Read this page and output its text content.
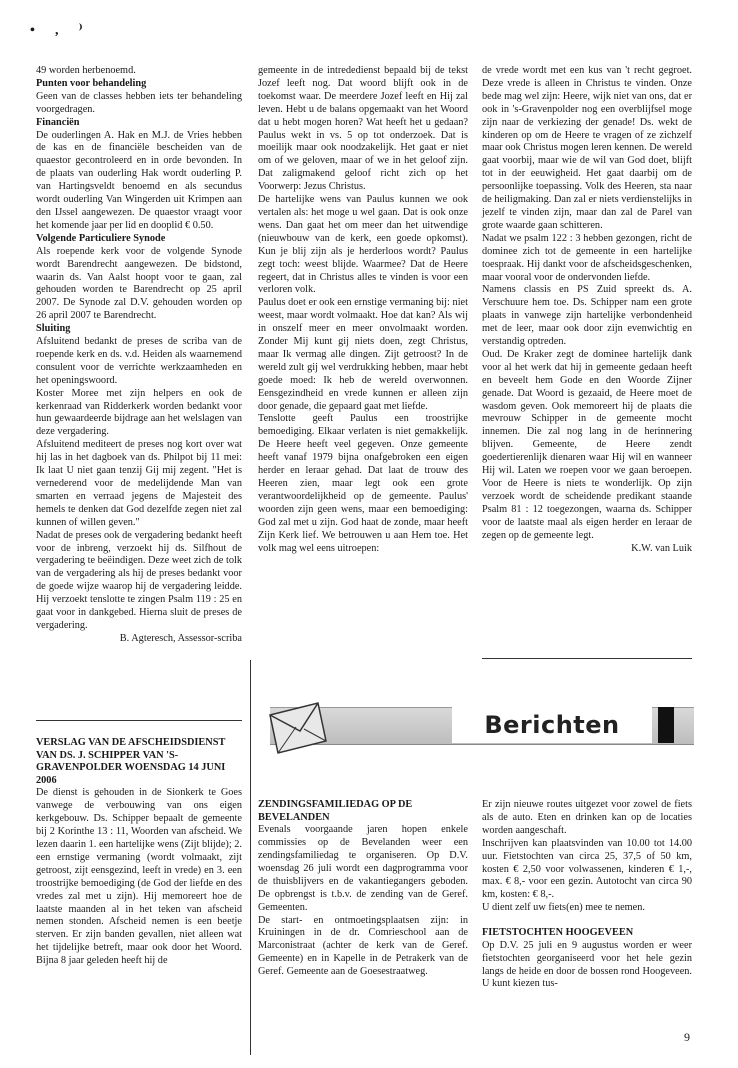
• ‚ ⁾

49 worden herbenoemd.

Punten voor behandeling

Geen van de classes hebben iets ter behandeling voorgedragen.

Financiën

De ouderlingen A. Hak en M.J. de Vries hebben de kas en de financiële bescheiden van de quaestor gecontroleerd en in orde bevonden. In de plaats van ouderling Hak wordt ouderling P. van Hartingsveldt benoemd en als secundus wordt ouderling Van Wingerden uit Krimpen aan den IJssel aangewezen. De quaestor vraagt voor het komende jaar per lid en dooplid € 0.50.

Volgende Particuliere Synode

Als roepende kerk voor de volgende Synode wordt Barendrecht aangewezen. De bidstond, waarin ds. Van Aalst hoopt voor te gaan, zal gehouden worden te Barendrecht op 25 april 2007. De Synode zal D.V. gehouden worden op 26 april 2007 te Barendrecht.

Sluiting

Afsluitend bedankt de preses de scriba van de roepende kerk en ds. v.d. Heiden als waarnemend consulent voor de verrichte werkzaamheden en het openingswoord.

Koster Moree met zijn helpers en ook de kerkenraad van Ridderkerk worden bedankt voor hun gewaardeerde bijdrage aan het welslagen van deze vergadering.

Afsluitend mediteert de preses nog kort over wat hij las in het dagboek van ds. Philpot bij 11 mei: Ik laat U niet gaan tenzij Gij mij zegent. "Het is vernederend voor de medelijdende Man van smarten en verraad jegens de Majesteit des hemels te denken dat God dezelfde zegen niet zal kunnen of willen geven."

Nadat de preses ook de vergadering bedankt heeft voor de inbreng, verzoekt hij ds. Silfhout de vergadering te beëindigen. Deze weet zich de tolk van de vergadering als hij de preses bedankt voor de goede wijze waarop hij de vergadering leidde. Hij verzoekt tenslotte te zingen Psalm 119 : 25 en gaat voor in dankgebed. Hierna sluit de preses de vergadering.

B. Agteresch, Assessor-scriba

gemeente in de intrededienst bepaald bij de tekst Jozef leeft nog. Dat woord blijft ook in de toekomst waar. De meerdere Jozef leeft en Hij zal leven. Hebt u de balans opgemaakt van het Woord dat u hebt mogen horen? Wat heeft het u gedaan? Paulus wekt in vs. 5 op tot onderzoek. Dat is moeilijk maar ook noodzakelijk. Het gaat er niet om of we geloven, maar of we in het geloof zijn. Dat zaligmakend geloof richt zich op het Voorwerp: Jezus Christus.

De hartelijke wens van Paulus kunnen we ook vertalen als: het moge u wel gaan. Dat is ook onze wens. Dan gaat het om meer dan het uitwendige (nieuwbouw van de kerk, een goede opkomst). Kun je blij zijn als je herderloos wordt? Paulus zegt toch: weest blijde. Waarmee? Dat de Heere regeert, dat in Christus alles te vinden is voor een verloren volk.

Paulus doet er ook een ernstige vermaning bij: niet weest, maar wordt volmaakt. Hoe dat kan? Als wij in onszelf meer en meer onvolmaakt worden. Zonder Mij kunt gij niets doen, zegt Christus, maar Ik vermag alle dingen. Zijt getroost? In de wereld zult gij wel verdrukking hebben, maar hebt goede moed: Ik heb de wereld overwonnen. Eensgezindheid en vrede kunnen er alleen zijn door genade, die gepaard gaat met liefde.

Tenslotte geeft Paulus een troostrijke bemoediging. Elkaar verlaten is niet gemakkelijk. De Heere heeft veel gegeven. Onze gemeente heeft vanaf 1979 bijna onafgebroken een eigen herder en leraar gehad. Dat laat de trouw des Heeren zien, maar legt ook een grote verantwoordelijkheid op de gemeente. Paulus' woorden zijn geen wens, maar een bemoediging: God zal met u zijn. God haat de zonde, maar heeft Zijn Kerk lief. We betrouwen u aan Hem toe. Het volk mag wel eens uitroepen:

de vrede wordt met een kus van 't recht gegroet. Deze vrede is alleen in Christus te vinden. Onze bede mag wel zijn: Heere, wijk niet van ons, dat er ook in 's-Gravenpolder nog een overblijfsel moge zijn naar de verkiezing der genade! Ds. wekt de kinderen op om de Heere te vragen of ze zichzelf maar ook Christus mogen leren kennen. De wereld gaat voorbij, maar wie de wil van God doet, blijft tot in der eeuwigheid. Het gaat daarbij om de persoonlijke toepassing. Volk des Heeren, sta naar de heiligmaking. Dan zal er niets verdienstelijks in jezelf te vinden zijn, maar dan zal de Parel van grote waarde gaan schitteren.

Nadat we psalm 122 : 3 hebben gezongen, richt de dominee zich tot de gemeente in een hartelijke toespraak. Hij dankt voor de afscheidsgeschenken, maar vooral voor de ondervonden liefde.

Namens classis en PS Zuid spreekt ds. A. Verschuure hem toe. Ds. Schipper nam een grote plaats in vanwege zijn hartelijke verbondenheid met de leer, maar ook door zijn evenwichtig en verstandig optreden.

Oud. De Kraker zegt de dominee hartelijk dank voor al het werk dat hij in gemeente gedaan heeft en beveelt hem Gode en den Woorde Zijner genade. Dat Woord is gezaaid, de Heere moet de wasdom geven. Ook memoreert hij de plaats die mevrouw Schipper in de gemeente mocht innemen. Die zal nog lang in de herinnering blijven. Gemeente, de Heere zendt goedertierenlijk dienaren waar Hij wil en wanneer Hij wil. Laten we roepen voor we gaan beroepen. Voor de Heere is niets te wonderlijk. Op zijn verzoek wordt de scheidende predikant staande Psalm 81 : 12 toegezongen, waarna ds. Schipper voor de laatste maal als eigen herder en leraar de zegen op de gemeente legt.

K.W. van Luik

VERSLAG VAN DE AFSCHEIDSDIENST VAN DS. J. SCHIPPER VAN 'S-GRAVENPOLDER WOENSDAG 14 JUNI 2006

De dienst is gehouden in de Sionkerk te Goes vanwege de verbouwing van ons eigen kerkgebouw. Ds. Schipper bepaalt de gemeente bij 2 Korinthe 13 : 11, Woorden van afscheid. We lezen daarin 1. een hartelijke wens (Zijt blijde); 2. een ernstige vermaning (wordt volmaakt, zijt getroost, zijt eensgezind, leeft in vrede) en 3. een troostrijke bemoediging (de God der liefde en des vredes zal met u zijn). Hij memoreert hoe de laatste maanden al in het teken van afscheid nemen stonden. Afscheid nemen is een beetje sterven. Er zijn banden gevallen, niet alleen wat het tijdelijke betreft, maar ook door het Woord. Bijna 8 jaar geleden heeft hij de

Berichten

ZENDINGSFAMILIEDAG OP DE BEVELANDEN

Evenals voorgaande jaren hopen enkele commissies op de Bevelanden weer een zendingsfamiliedag te organiseren. Op D.V. woensdag 26 juli wordt een dagprogramma voor de thuisblijvers en de vakantiegangers geboden. De opbrengst is t.b.v. de zending van de Geref. Gemeenten.

De start- en ontmoetingsplaatsen zijn: in Kruiningen in de dr. Comrieschool aan de Marconistraat (achter de kerk van de Geref. Gemeente) en in Kapelle in de Petrakerk van de Geref. Gemeente aan de Goesestraatweg.

Er zijn nieuwe routes uitgezet voor zowel de fiets als de auto. Eten en drinken kan op de locaties worden aangeschaft.

Inschrijven kan plaatsvinden van 10.00 tot 14.00 uur. Fietstochten van circa 25, 37,5 of 50 km, kosten € 2,50 voor volwassenen, kinderen € 1,-, max. € 8,- voor een gezin. Autotocht van circa 90 km, kosten: € 8,-.

U dient zelf uw fiets(en) mee te nemen.

FIETSTOCHTEN HOOGEVEEN

Op D.V. 25 juli en 9 augustus worden er weer fietstochten georganiseerd voor het hele gezin langs de heide en door de bossen rond Hoogeveen. U kunt kiezen tus-

9
